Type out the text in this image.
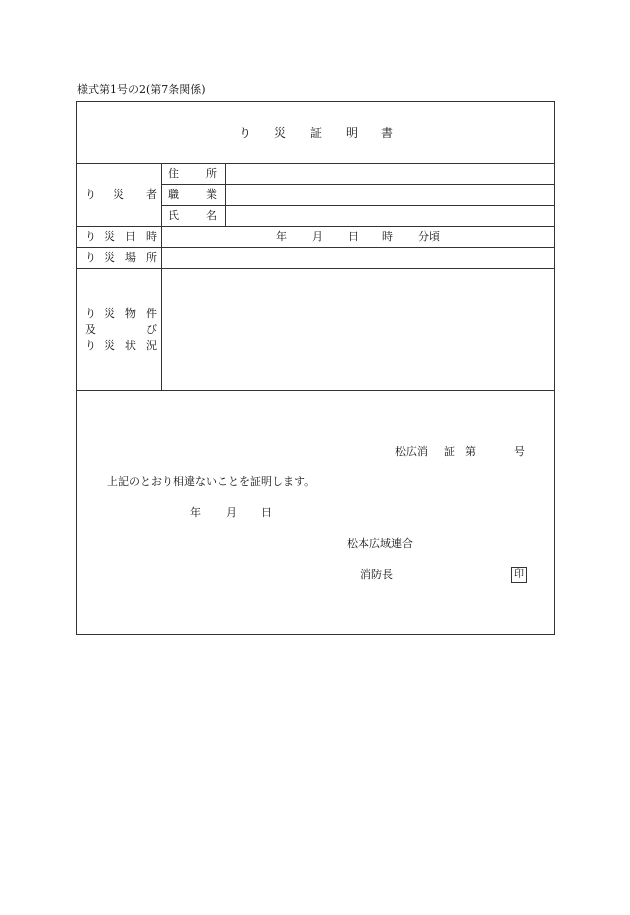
様式第1号の2(第7条関係)
り 災 証 明 書
り 災 者
住 所
職 業
氏 名
り 災 日 時	年 月 日 時 分頃
り 災 場 所
り 災 物 件
及	び
り 災 状 況
松広消 証 第	号
上記のとおり相違ないことを証明します。
年 月 日
松本広域連合
消防長	印
